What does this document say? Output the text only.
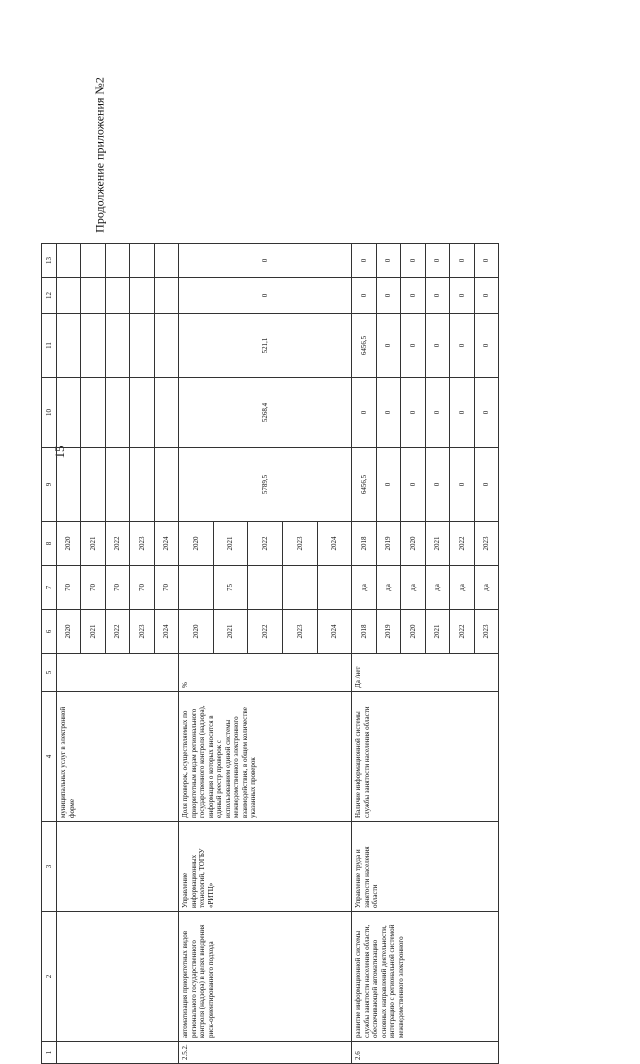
15
Продолжение приложения №2
1	2	3	4	5	6	7	8	9	10	11	12	13
			муниципальных услуг в электронной форме		2020	70	2020					
					2021	70	2021					
					2022	70	2022					
					2023	70	2023					
					2024	70	2024					
2.5.2.	автоматизация приоритетных видов регионального государственного контроля (надзора) в целях внедрения риск-ориентированного подхода	Управление информационных технологий, ТОГБУ «РИТЦ»	Доля проверок, осуществляемых по приоритетным видам регионального государственного контроля (надзора), информация о которых вносится в единый реестр проверок с использованием единой системы межведомственного электронного взаимодействия, в общем количестве указанных проверок	%	2020		2020	5789,5	5268,4	521,1	0	0
					2021	75	2021					
					2022		2022					
					2023		2023					
					2024		2024					
2.6	развитие информационной системы службы занятости населения области, обеспечивающей автоматизацию основных направлений деятельности, интеграцию с региональной системой межведомственного электронного	Управление труда и занятости населения области	Наличие информационной системы службы занятости населения области	Да /нет	2018	да	2018	6456,5	0	6456,5	0	0
					2019	да	2019	0	0	0	0	0
					2020	да	2020	0	0	0	0	0
					2021	да	2021	0	0	0	0	0
					2022	да	2022	0	0	0	0	0
					2023	да	2023	0	0	0	0	0
